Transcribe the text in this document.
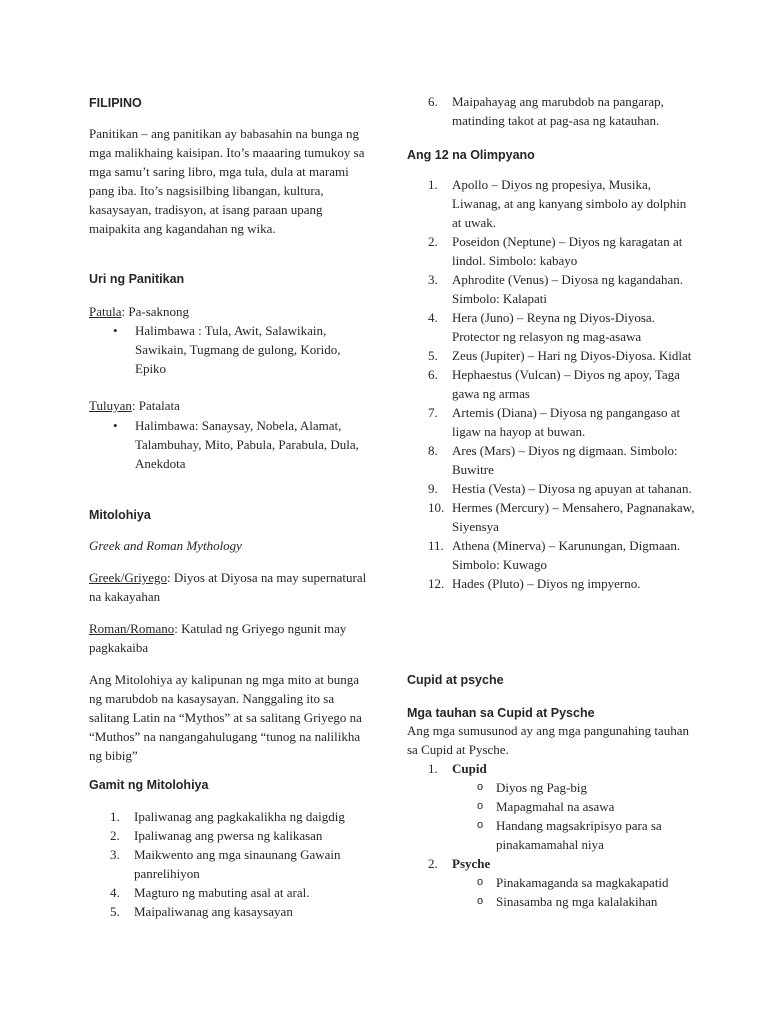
FILIPINO
Panitikan – ang panitikan ay babasahin na bunga ng mga malikhaing kaisipan. Ito’s maaaring tumukoy sa mga samu’t saring libro, mga tula, dula at marami pang iba. Ito’s nagsisilbing libangan, kultura, kasaysayan, tradisyon, at isang paraan upang maipakita ang kagandahan ng wika.
Uri ng Panitikan
Patula: Pa-saknong
• Halimbawa : Tula, Awit, Salawikain, Sawikain, Tugmang de gulong, Korido, Epiko
Tuluyan: Patalata
• Halimbawa: Sanaysay, Nobela, Alamat, Talambuhay, Mito, Pabula, Parabula, Dula, Anekdota
Mitolohiya
Greek and Roman Mythology
Greek/Griyego: Diyos at Diyosa na may supernatural na kakayahan
Roman/Romano: Katulad ng Griyego ngunit may pagkakaiba
Ang Mitolohiya ay kalipunan ng mga mito at bunga ng marubdob na kasaysayan. Nanggaling ito sa salitang Latin na “Mythos” at sa salitang Griyego na “Muthos” na nangangahulugang “tunog na nalilikha ng bibig”
Gamit ng Mitolohiya
1. Ipaliwanag ang pagkakalikha ng daigdig
2. Ipaliwanag ang pwersa ng kalikasan
3. Maikwento ang mga sinaunang Gawain panrelihiyon
4. Magturo ng mabuting asal at aral.
5. Maipaliwanag ang kasaysayan
6. Maipahayag ang marubdob na pangarap, matinding takot at pag-asa ng katauhan.
Ang 12 na Olimpyano
1. Apollo – Diyos ng propesiya, Musika, Liwanag, at ang kanyang simbolo ay dolphin at uwak.
2. Poseidon (Neptune) – Diyos ng karagatan at lindol. Simbolo: kabayo
3. Aphrodite (Venus) – Diyosa ng kagandahan. Simbolo: Kalapati
4. Hera (Juno) – Reyna ng Diyos-Diyosa. Protector ng relasyon ng mag-asawa
5. Zeus (Jupiter) – Hari ng Diyos-Diyosa. Kidlat
6. Hephaestus (Vulcan) – Diyos ng apoy, Taga gawa ng armas
7. Artemis (Diana) – Diyosa ng pangangaso at ligaw na hayop at buwan.
8. Ares (Mars) – Diyos ng digmaan. Simbolo: Buwitre
9. Hestia (Vesta) – Diyosa ng apuyan at tahanan.
10. Hermes (Mercury) – Mensahero, Pagnanakaw, Siyensya
11. Athena (Minerva) – Karunungan, Digmaan. Simbolo: Kuwago
12. Hades (Pluto) – Diyos ng impyerno.
Cupid at psyche
Mga tauhan sa Cupid at Pysche
Ang mga sumusunod ay ang mga pangunahing tauhan sa Cupid at Pysche.
1. Cupid
o Diyos ng Pag-big
o Mapagmahal na asawa
o Handang magsakripisyo para sa pinakamamahal niya
2. Psyche
o Pinakamaganda sa magkakapatid
o Sinasamba ng mga kalalakihan
